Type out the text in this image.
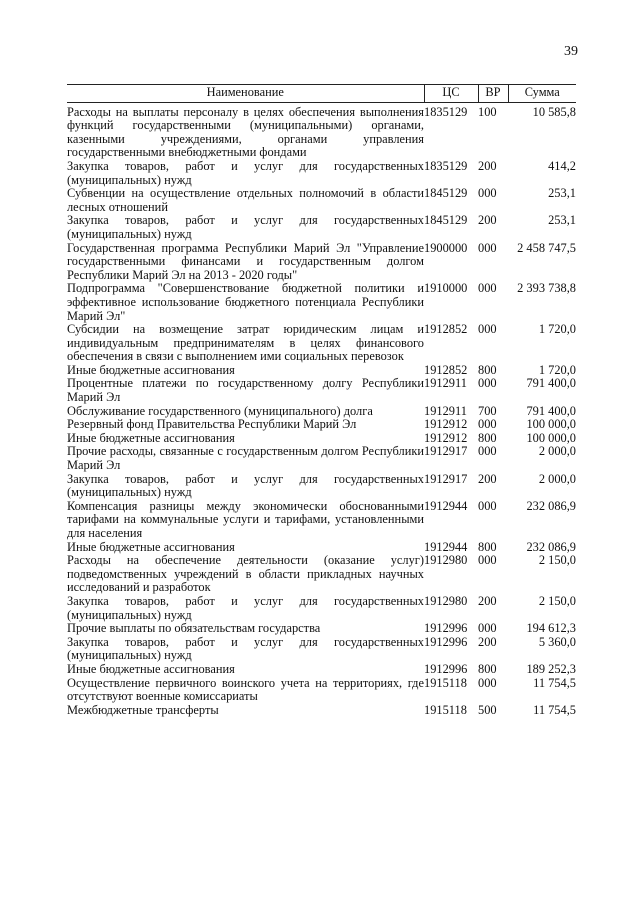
39
Наименование	ЦС	ВР	Сумма
Расходы на выплаты персоналу в целях обеспечения выполнения функций государственными (муниципальными) органами, казенными учреждениями, органами управления государственными внебюджетными фондами	1835129	100	10 585,8
Закупка товаров, работ и услуг для государственных (муниципальных) нужд	1835129	200	414,2
Субвенции на осуществление отдельных полномочий в области лесных отношений	1845129	000	253,1
Закупка товаров, работ и услуг для государственных (муниципальных) нужд	1845129	200	253,1
Государственная программа Республики Марий Эл "Управление государственными финансами и государственным долгом Республики Марий Эл на 2013 - 2020 годы"	1900000	000	2 458 747,5
Подпрограмма "Совершенствование бюджетной политики и эффективное использование бюджетного потенциала Республики Марий Эл"	1910000	000	2 393 738,8
Субсидии на возмещение затрат юридическим лицам и индивидуальным предпринимателям в целях финансового обеспечения в связи с выполнением ими социальных перевозок	1912852	000	1 720,0
Иные бюджетные ассигнования	1912852	800	1 720,0
Процентные платежи по государственному долгу Республики Марий Эл	1912911	000	791 400,0
Обслуживание государственного (муниципального) долга	1912911	700	791 400,0
Резервный фонд Правительства Республики Марий Эл	1912912	000	100 000,0
Иные бюджетные ассигнования	1912912	800	100 000,0
Прочие расходы, связанные с государственным долгом Республики Марий Эл	1912917	000	2 000,0
Закупка товаров, работ и услуг для государственных (муниципальных) нужд	1912917	200	2 000,0
Компенсация разницы между экономически обоснованными тарифами на коммунальные услуги и тарифами, установленными для населения	1912944	000	232 086,9
Иные бюджетные ассигнования	1912944	800	232 086,9
Расходы на обеспечение деятельности (оказание услуг) подведомственных учреждений в области прикладных научных исследований и разработок	1912980	000	2 150,0
Закупка товаров, работ и услуг для государственных (муниципальных) нужд	1912980	200	2 150,0
Прочие выплаты по обязательствам государства	1912996	000	194 612,3
Закупка товаров, работ и услуг для государственных (муниципальных) нужд	1912996	200	5 360,0
Иные бюджетные ассигнования	1912996	800	189 252,3
Осуществление первичного воинского учета на территориях, где отсутствуют военные комиссариаты	1915118	000	11 754,5
Межбюджетные трансферты	1915118	500	11 754,5
